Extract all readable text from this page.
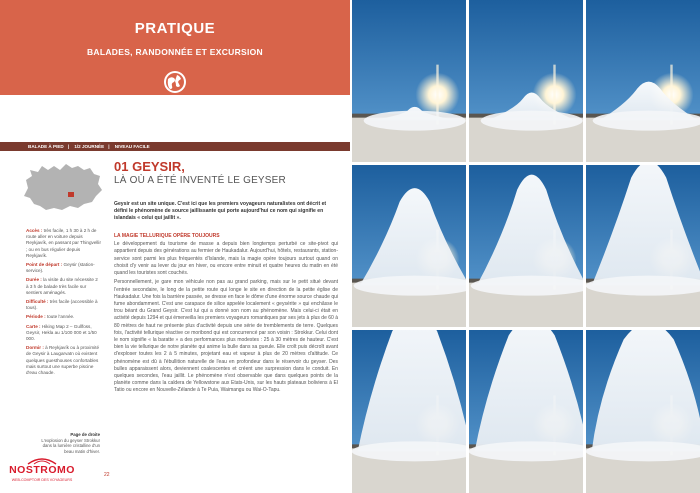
PRATIQUE
BALADES, RANDONNÉE ET EXCURSION
BALADE À PIED | 1/2 JOURNÉE | NIVEAU FACILE
Accès : très facile, 1 h 30 à 2 h de route aller en voiture depuis Reykjavík, en passant par Thingvellir ; ou en bus régulier depuis Reykjavík.
Point de départ : Geysir (station-service).
Durée : la visite du site nécessite 2 à 3 h de balade très facile sur sentiers aménagés.
Difficulté : très facile (accessible à tous).
Période : toute l'année.
Carte : Hiking Map 2 – Gullfoss, Geysir, Hekla au 1/100 000 et 1/50 000.
Dormir : à Reykjavík ou à proximité de Geysir à Laugarvatn où existent quelques guesthouses confortables mais surtout une superbe piscine d'eau chaude.
Page de droite
L'explosion du geyser Strokkur dans la lumière cristalline d'un beau matin d'hiver.
NOSTROMO
WEB-COMPTOIR DES VOYAGEURS
22
01 GEYSIR,
LÀ OÙ A ÉTÉ INVENTÉ LE GEYSER
Geysir est un site unique. C'est ici que les premiers voyageurs naturalistes ont décrit et défini le phénomène de source jaillissante qui porte aujourd'hui ce nom qui signifie en islandais « celui qui jaillit ».
LA MAGIE TELLURIQUE OPÈRE TOUJOURS

Le développement du tourisme de masse a depuis bien longtemps perturbé ce site-pivot qui appartient depuis des générations au fermier de Haukadalur. Aujourd'hui, hôtels, restaurants, station-service sont parmi les plus fréquentés d'Islande, mais la magie opère toujours surtout quand on choisit d'y venir au lever du jour en hiver, ou encore entre minuit et quatre heures du matin en été quand les touristes sont couchés.

Personnellement, je gare mon véhicule non pas au grand parking, mais sur le petit situé devant l'entrée secondaire, le long de la petite route qui longe le site en direction de la petite église de Haukadalur. Une fois la barrière passée, se dresse en face le dôme d'une énorme source chaude qui fume abondamment. C'est une carapace de silice appelée localement « geysérite » qui enchâsse le trou béant du Grand Geysir. C'est lui qui a donné son nom au phénomène. Mais celui-ci était en activité depuis 1294 et qui émerveilla les premiers voyageurs romantiques par ses jets à plus de 60 à 80 mètres de haut ne présente plus d'activité depuis une série de tremblements de terre. Quelques fois, l'activité tellurique réactive ce moribond qui est concurrencé par son voisin : Strokkur. Celui dont le nom signifie « la baratte » a des performances plus modestes : 25 à 30 mètres de hauteur. C'est bien la vie tellurique de notre planète qui anime la bulle dans sa gueule. Elle croît puis décroît avant d'exploser toutes les 2 à 5 minutes, projetant eau et vapeur à plus de 20 mètres d'altitude. Ce phénomène est dû à l'ébullition naturelle de l'eau en profondeur dans le réservoir du geyser. Des bulles apparaissent alors, deviennent coalescentes et créent une surpression dans le conduit. En quelques secondes, l'eau jaillit. Le phénomène n'est observable que dans quelques points de la planète comme dans la caldera de Yellowstone aux Etats-Unis, sur les hauts plateaux boliviens à El Tatio ou encore en Nouvelle-Zélande à Te Puia, Waimangu ou Wai-O-Tapu.
